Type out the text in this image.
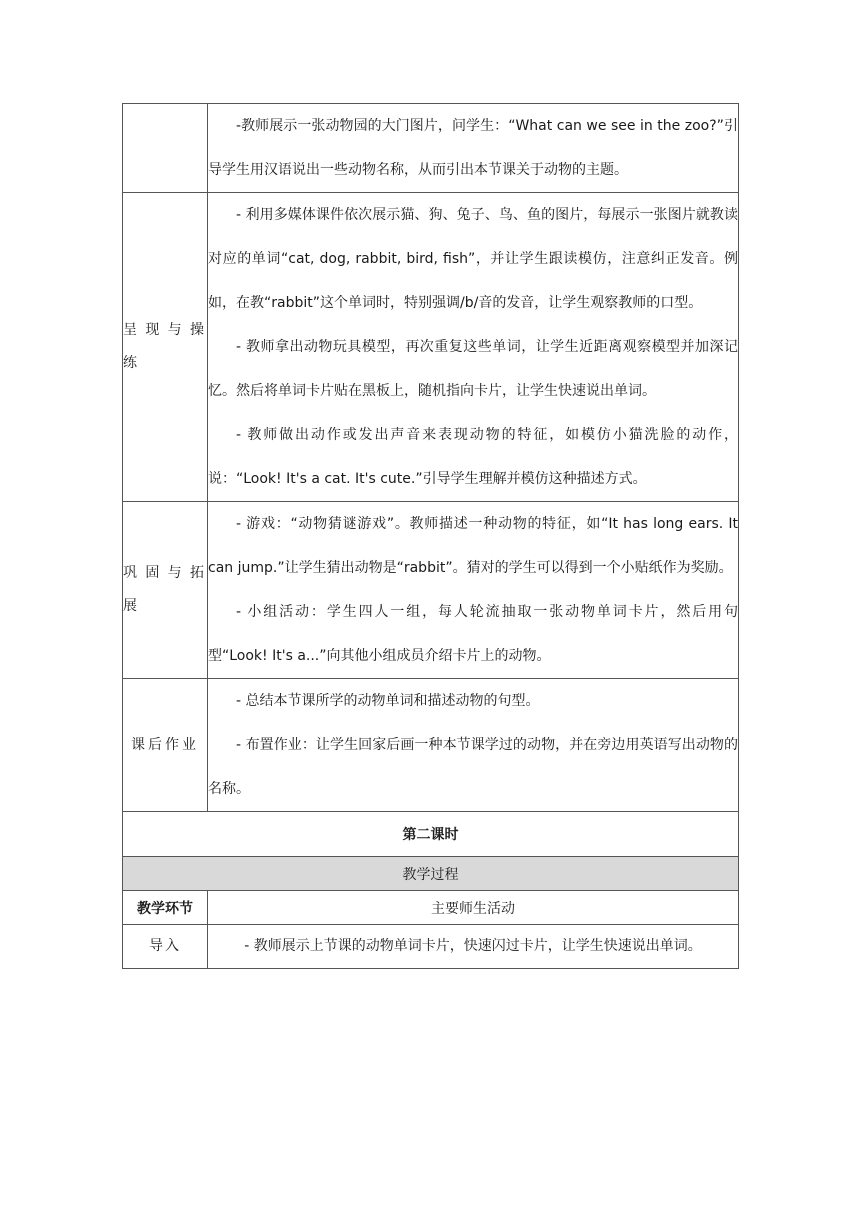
	-教师展示一张动物园的大门图片，问学生：“What can we see in the zoo?”引导学生用汉语说出一些动物名称，从而引出本节课关于动物的主题。

呈现与操练	- 利用多媒体课件依次展示猫、狗、兔子、鸟、鱼的图片，每展示一张图片就教读对应的单词“cat, dog, rabbit, bird, fish”，并让学生跟读模仿，注意纠正发音。例如，在教“rabbit”这个单词时，特别强调/b/音的发音，让学生观察教师的口型。

- 教师拿出动物玩具模型，再次重复这些单词，让学生近距离观察模型并加深记忆。然后将单词卡片贴在黑板上，随机指向卡片，让学生快速说出单词。

- 教师做出动作或发出声音来表现动物的特征，如模仿小猫洗脸的动作，说：“Look! It's a cat. It's cute.”引导学生理解并模仿这种描述方式。

巩固与拓展	- 游戏：“动物猜谜游戏”。教师描述一种动物的特征，如“It has long ears. It can jump.”让学生猜出动物是“rabbit”。猜对的学生可以得到一个小贴纸作为奖励。

- 小组活动：学生四人一组，每人轮流抽取一张动物单词卡片，然后用句型“Look! It's a...”向其他小组成员介绍卡片上的动物。

课后作业	- 总结本节课所学的动物单词和描述动物的句型。

- 布置作业：让学生回家后画一种本节课学过的动物，并在旁边用英语写出动物的名称。

第二课时	
教学过程	
教学环节	主要师生活动
导入	- 教师展示上节课的动物单词卡片，快速闪过卡片，让学生快速说出单词。
